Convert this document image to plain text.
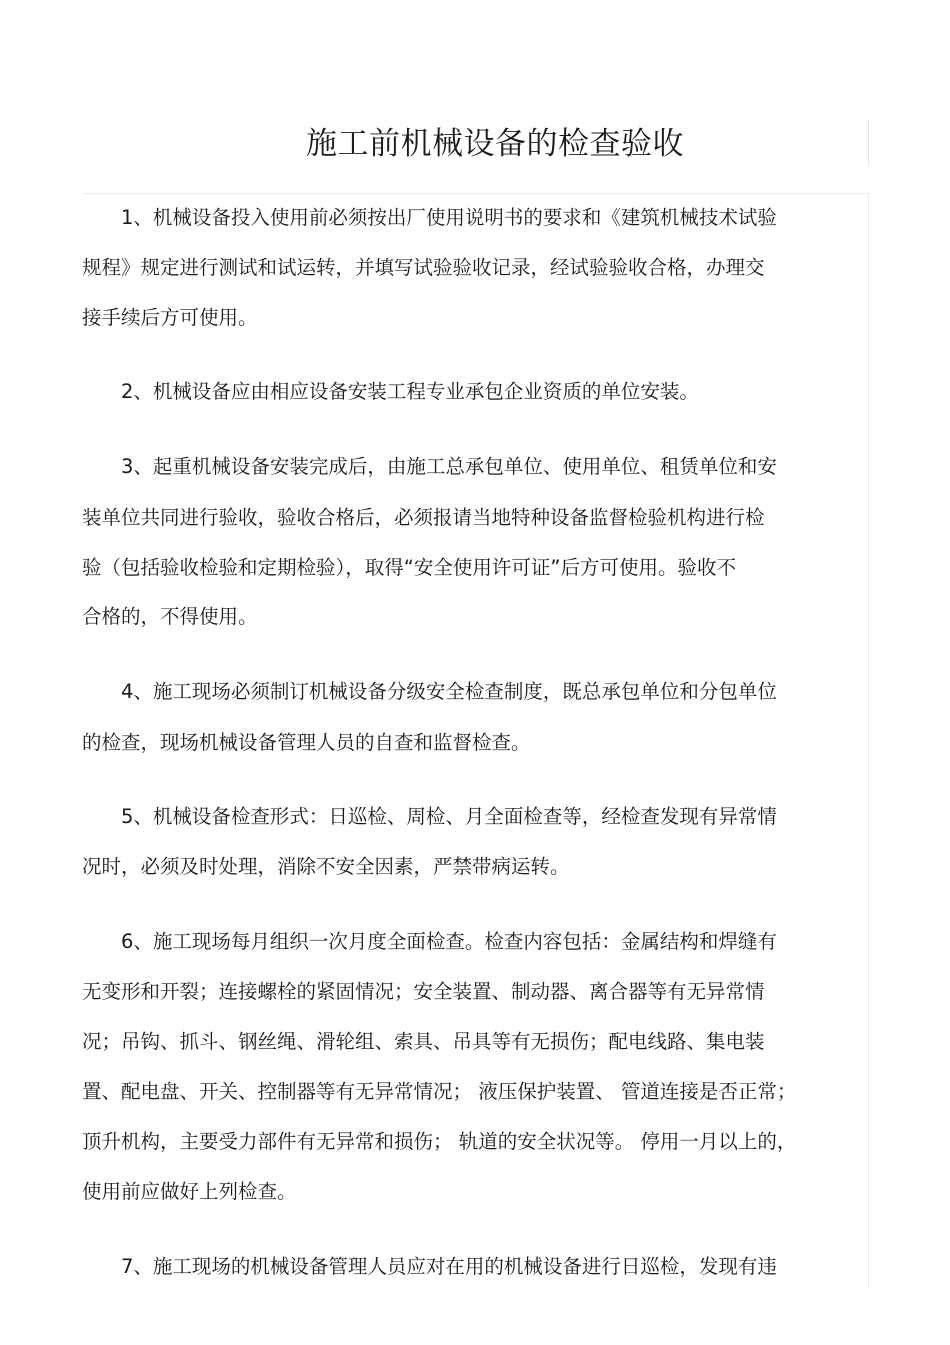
施工前机械设备的检查验收
1、机械设备投入使用前必须按出厂使用说明书的要求和《建筑机械技术试验
规程》规定进行测试和试运转，并填写试验验收记录，经试验验收合格，办理交
接手续后方可使用。
2、机械设备应由相应设备安装工程专业承包企业资质的单位安装。
3、起重机械设备安装完成后，由施工总承包单位、使用单位、租赁单位和安
装单位共同进行验收，验收合格后，必须报请当地特种设备监督检验机构进行检
验（包括验收检验和定期检验），取得“安全使用许可证”后方可使用。验收不
合格的，不得使用。
4、施工现场必须制订机械设备分级安全检查制度，既总承包单位和分包单位
的检查，现场机械设备管理人员的自查和监督检查。
5、机械设备检查形式：日巡检、周检、月全面检查等，经检查发现有异常情
况时，必须及时处理，消除不安全因素，严禁带病运转。
6、施工现场每月组织一次月度全面检查。检查内容包括：金属结构和焊缝有
无变形和开裂；连接螺栓的紧固情况；安全装置、制动器、离合器等有无异常情
况；吊钩、抓斗、钢丝绳、滑轮组、索具、吊具等有无损伤；配电线路、集电装
置、配电盘、开关、控制器等有无异常情况； 液压保护装置、 管道连接是否正常；
顶升机构，主要受力部件有无异常和损伤； 轨道的安全状况等。 停用一月以上的，
使用前应做好上列检查。
7、施工现场的机械设备管理人员应对在用的机械设备进行日巡检，发现有违
